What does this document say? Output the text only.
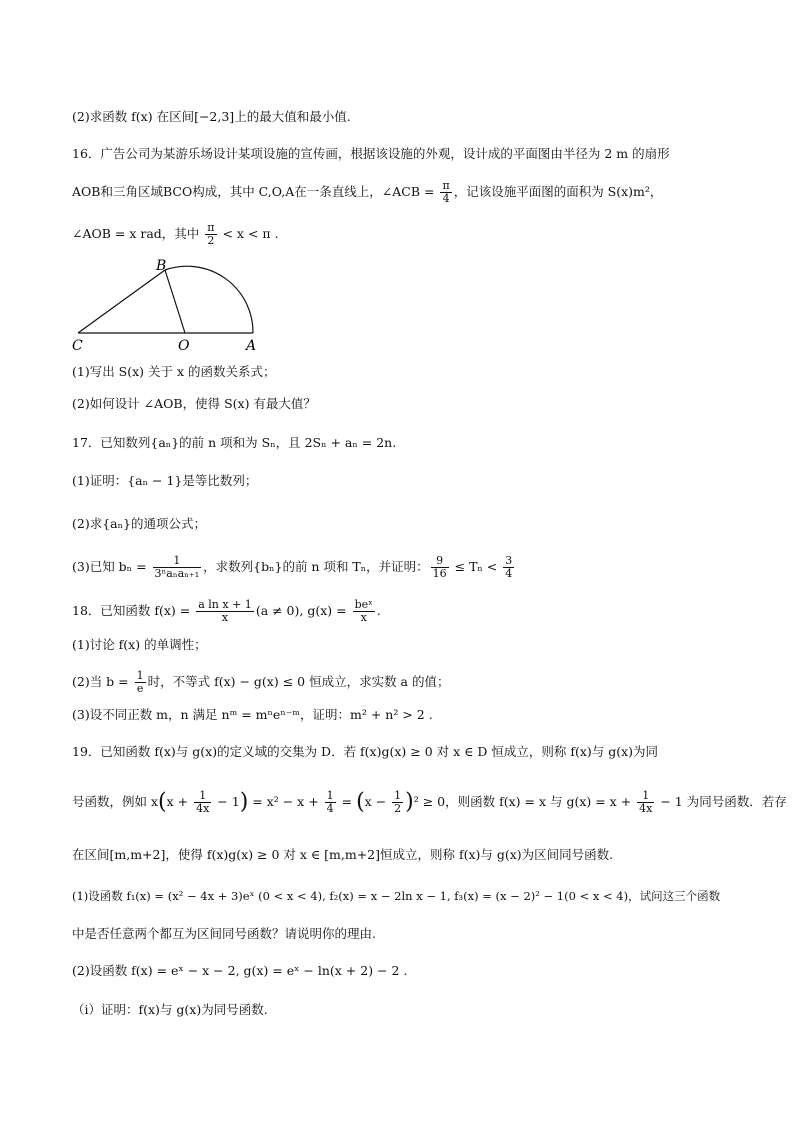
(2)求函数 f(x) 在区间[−2,3]上的最大值和最小值.
16．广告公司为某游乐场设计某项设施的宣传画，根据该设施的外观，设计成的平面图由半径为 2 m 的扇形
AOB和三角区域BCO构成，其中 C,O,A在一条直线上，∠ACB = $\frac{\pi}{4}$ ，记该设施平面图的面积为 S(x)m²，
∠AOB = x rad，其中 $\frac{\pi}{2} < x < \pi$ .
B
C	O	A
(1)写出 S(x) 关于 x 的函数关系式；
(2)如何设计 ∠AOB，使得 S(x) 有最大值？
17．已知数列{aₙ}的前 n 项和为 Sₙ，且 2Sₙ + aₙ = 2n.
(1)证明：{aₙ − 1}是等比数列；
(2)求{aₙ}的通项公式；
(3)已知 $b_n = \frac{1}{\text{3ⁿaₙaₙ₊₁}}$ ，求数列{bₙ}的前 n 项和 Tₙ，并证明： $\frac{9}{16} \le T_n < \frac{3}{4}$
18．已知函数 $f(x) = \frac{\text{a ln x + 1}}{x} (a \ne 0)$, $g(x) = \frac{\text{beˣ}}{x}$ .
(1)讨论 f(x) 的单调性；
(2)当 $b = \frac{1}{e}$ 时，不等式 f(x) − g(x) ≤ 0 恒成立，求实数 a 的值；
(3)设不同正数 m，n 满足 nᵐ = mⁿeⁿ⁻ᵐ，证明：m² + n² > 2 .
19．已知函数 f(x)与 g(x)的定义域的交集为 D．若 f(x)g(x) ≥ 0 对 x ∈ D 恒成立，则称 f(x)与 g(x)为同
号函数，例如 $x(x + \frac{1}{4x} - 1) = x^2 - x + \frac{1}{4} = (x - \frac{1}{2} )^2 \ge 0$，则函数 f(x) = x 与 $g(x) = x + \frac{1}{4x} - 1$ 为同号函数．若存
在区间[m,m+2]，使得 f(x)g(x) ≥ 0 对 x ∈ [m,m+2]恒成立，则称 f(x)与 g(x)为区间同号函数.
(1)设函数 f₁(x) = (x² − 4x + 3)eˣ (0 < x < 4), f₂(x) = x − 2ln x − 1, f₃(x) = (x − 2)² − 1(0 < x < 4)，试问这三个函数
中是否任意两个都互为区间同号函数？请说明你的理由.
(2)设函数 f(x) = eˣ − x − 2, g(x) = eˣ − ln(x + 2) − 2 .
（ⅰ）证明：f(x)与 g(x)为同号函数.
